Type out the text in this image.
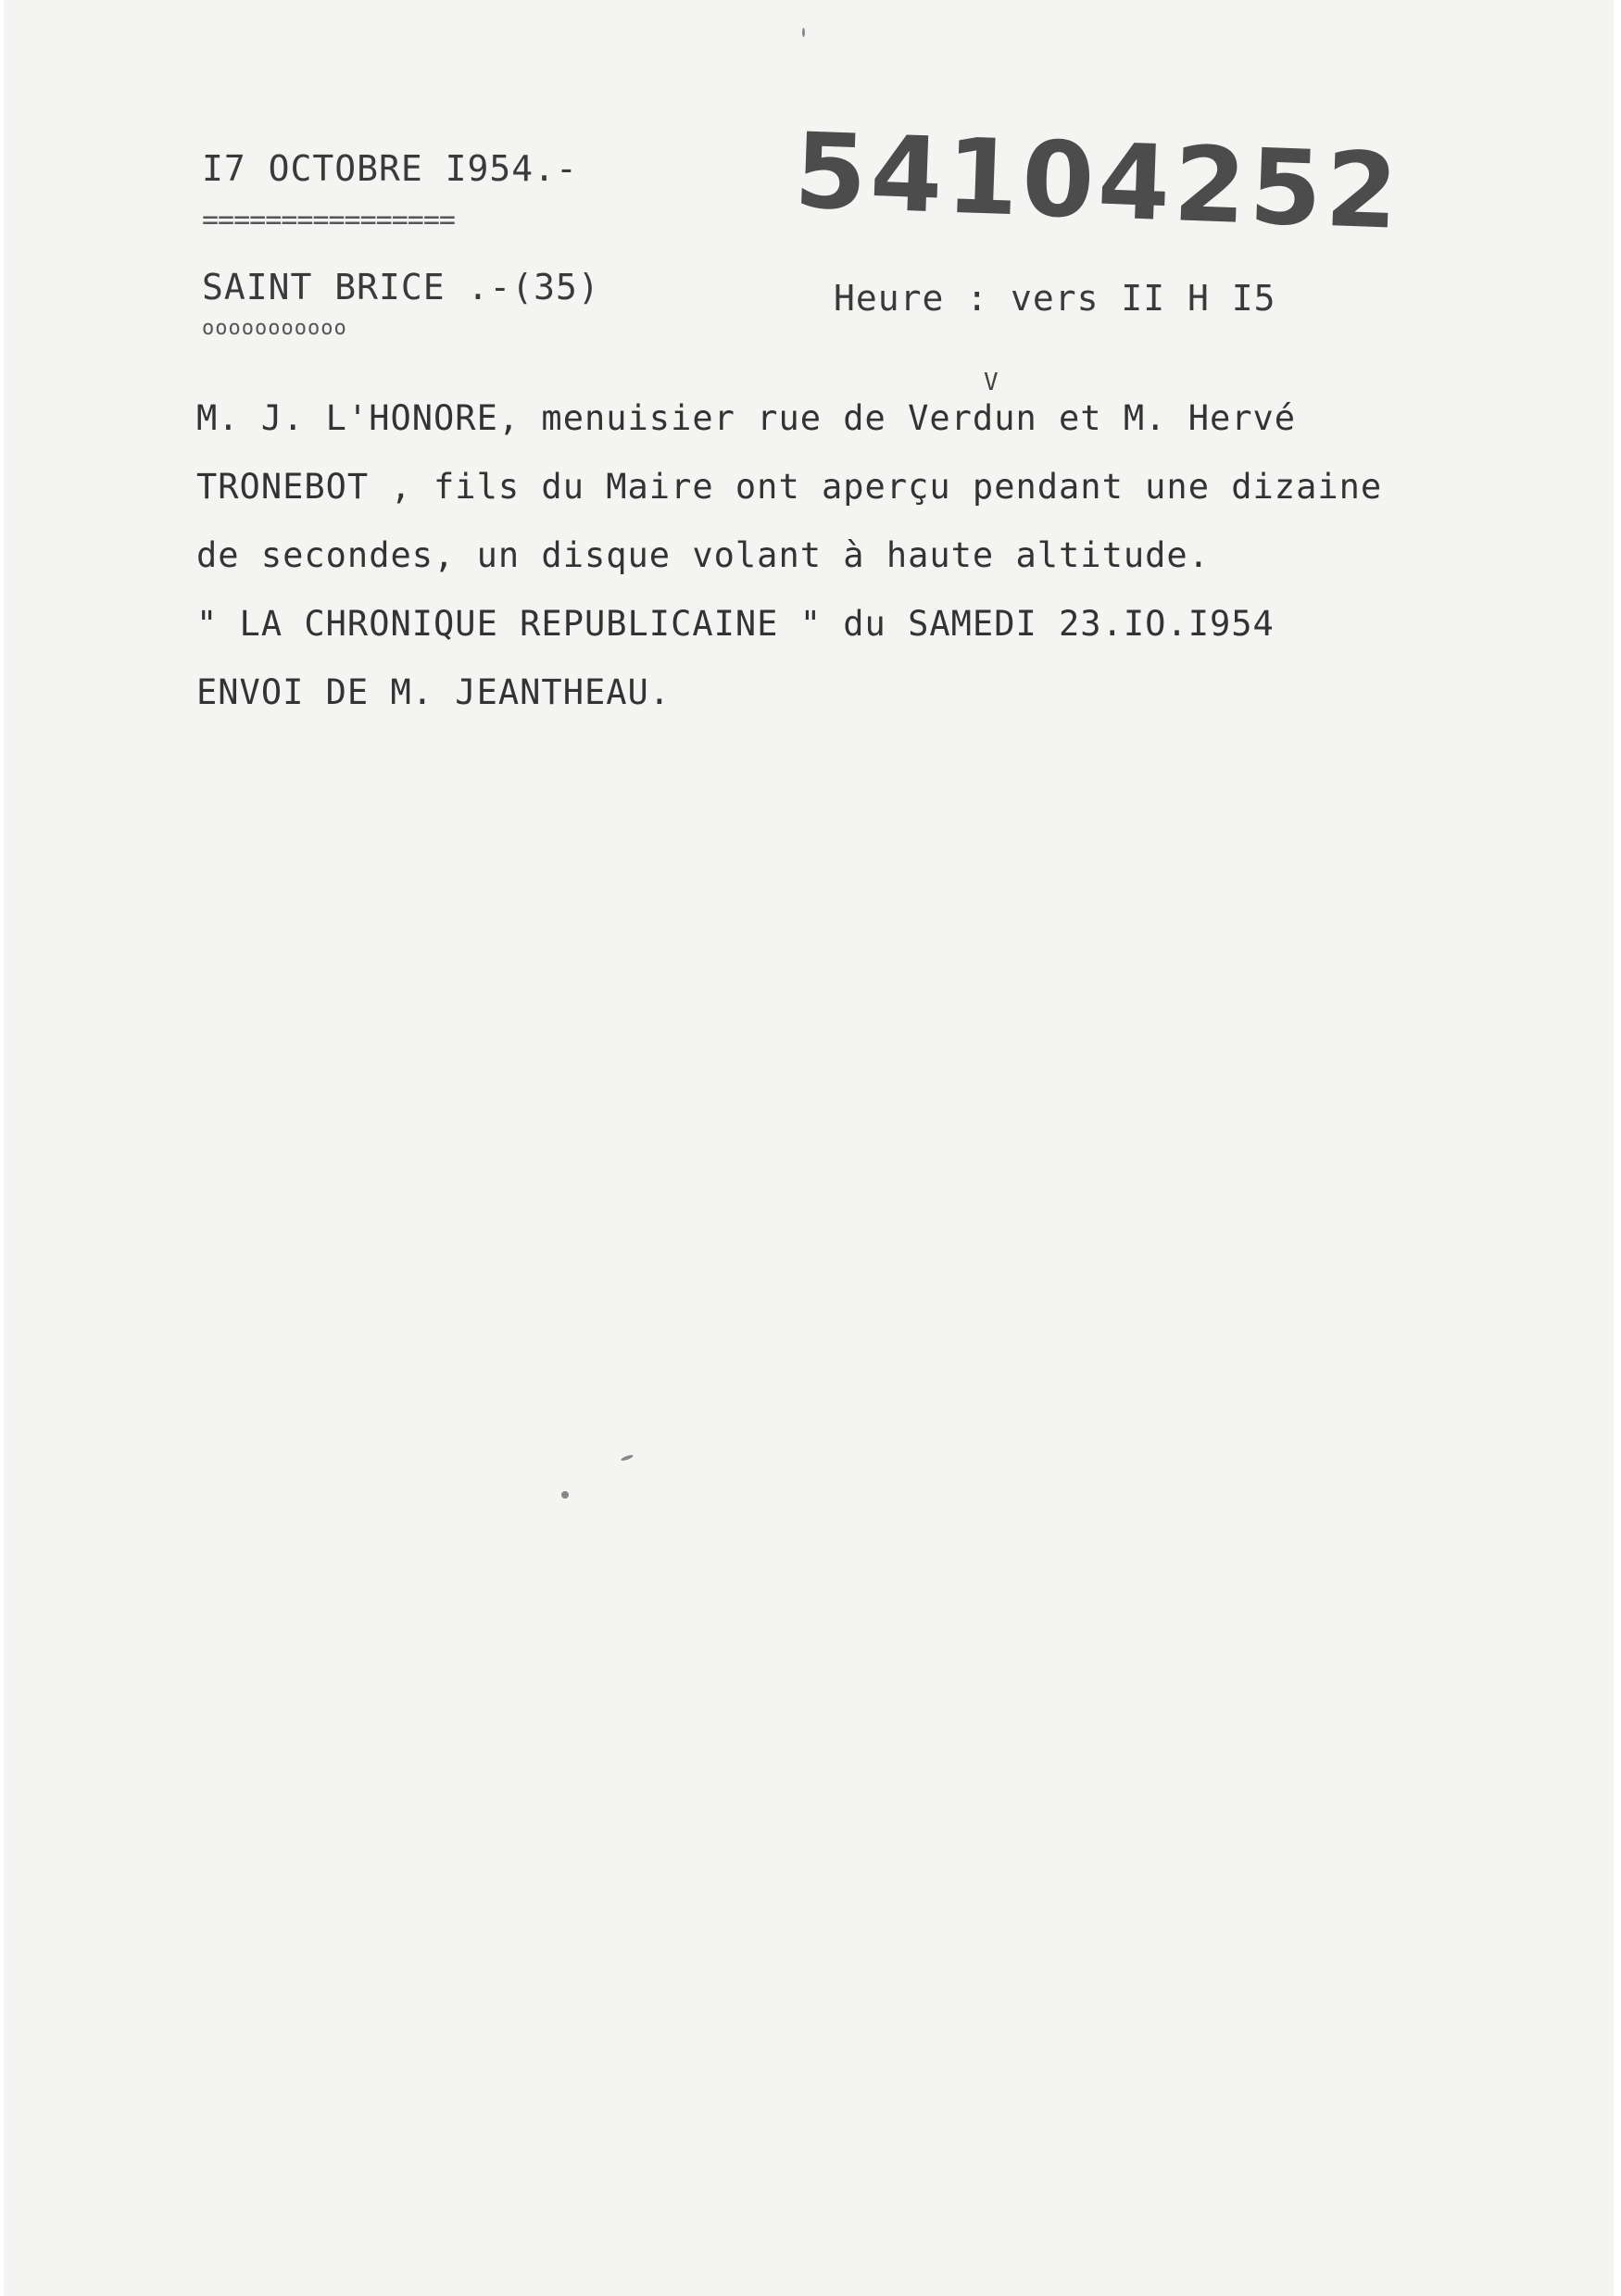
I7 OCTOBRE I954.-
================	54104252
SAINT BRICE .-(35)
ooooooooooo
Heure : vers II H I5
V
M. J. L'HONORE, menuisier rue de Verdun et M. Hervé
TRONEBOT , fils du Maire ont aperçu pendant une dizaine
de secondes, un disque volant à haute altitude.
" LA CHRONIQUE REPUBLICAINE " du SAMEDI 23.IO.I954
ENVOI DE M. JEANTHEAU.
